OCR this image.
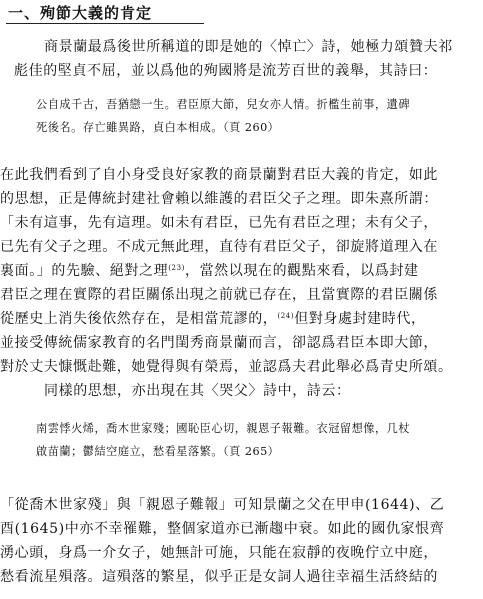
一、殉節大義的肯定
商景蘭最爲後世所稱道的即是她的〈悼亡〉詩，她極力頌贊夫祁
彪佳的堅貞不屈，並以爲他的殉國將是流芳百世的義舉，其詩曰：
公自成千古，吾猶戀一生。君臣原大節，兒女亦人情。折檻生前事，遺碑
死後名。存亡雖異路，貞白本相成。（頁 260）
在此我們看到了自小身受良好家教的商景蘭對君臣大義的肯定，如此
的思想，正是傳統封建社會賴以維護的君臣父子之理。即朱熹所謂：
「未有這事，先有這理。如未有君臣，已先有君臣之理；未有父子，
已先有父子之理。不成元無此理，直待有君臣父子，卻旋將道理入在
裏面。」的先驗、絕對之理$^{(23)}$，當然以現在的觀點來看，以爲封建
君臣之理在實際的君臣關係出現之前就已存在，且當實際的君臣關係
從歷史上消失後依然存在，是相當荒謬的，$^{(24)}$但對身處封建時代，
並接受傳統儒家教育的名門閨秀商景蘭而言，卻認爲君臣本即大節，
對於丈夫慷慨赴難，她覺得與有榮焉，並認爲夫君此舉必爲青史所頌。
同樣的思想，亦出現在其〈哭父〉詩中，詩云：
南雲悸火烯，喬木世家殘；國恥臣心切，親恩子報難。衣冠留想像，几杖
啟苗蘭；鬱結空庭立，愁看星落繁。（頁 265）
「從喬木世家殘」與「親恩子難報」可知景蘭之父在甲申(1644)、乙
酉(1645)中亦不幸罹難，整個家道亦已漸趨中衰。如此的國仇家恨齊
湧心頭，身爲一介女子，她無計可施，只能在寂靜的夜晚佇立中庭，
愁看流星殞落。這殞落的繁星，似乎正是女詞人過往幸福生活終結的
